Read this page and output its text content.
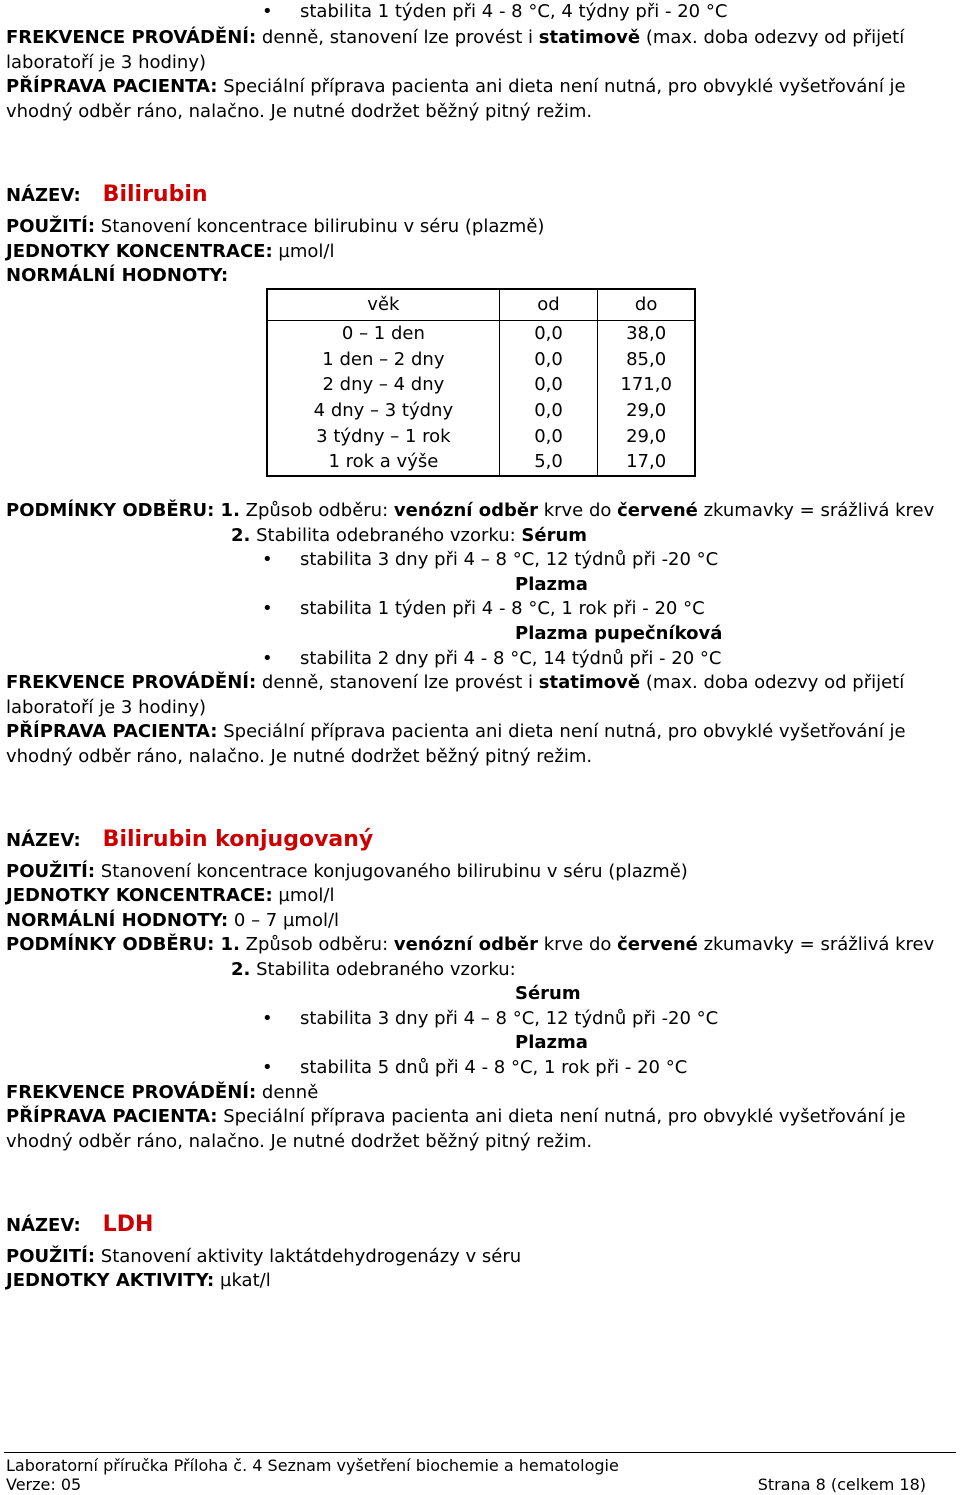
• stabilita 1 týden při 4 - 8 °C, 4 týdny při - 20 °C
FREKVENCE PROVÁDĚNÍ: denně, stanovení lze provést i statimově (max. doba odezvy od přijetí
laboratoří je 3 hodiny)
PŘÍPRAVA PACIENTA: Speciální příprava pacienta ani dieta není nutná, pro obvyklé vyšetřování je
vhodný odběr ráno, nalačno. Je nutné dodržet běžný pitný režim.
NÁZEV: Bilirubin
POUŽITÍ: Stanovení koncentrace bilirubinu v séru (plazmě)
JEDNOTKY KONCENTRACE: µmol/l
NORMÁLNÍ HODNOTY:
věk	od	do
0 – 1 den	0,0	38,0
1 den – 2 dny	0,0	85,0
2 dny – 4 dny	0,0	171,0
4 dny – 3 týdny	0,0	29,0
3 týdny – 1 rok	0,0	29,0
1 rok a výše	5,0	17,0
PODMÍNKY ODBĚRU: 1. Způsob odběru: venózní odběr krve do červené zkumavky = srážlivá krev
2. Stabilita odebraného vzorku: Sérum
• stabilita 3 dny při 4 – 8 °C, 12 týdnů při -20 °C
Plazma
• stabilita 1 týden při 4 - 8 °C, 1 rok při - 20 °C
Plazma pupečníková
• stabilita 2 dny při 4 - 8 °C, 14 týdnů při - 20 °C
FREKVENCE PROVÁDĚNÍ: denně, stanovení lze provést i statimově (max. doba odezvy od přijetí
laboratoří je 3 hodiny)
PŘÍPRAVA PACIENTA: Speciální příprava pacienta ani dieta není nutná, pro obvyklé vyšetřování je
vhodný odběr ráno, nalačno. Je nutné dodržet běžný pitný režim.
NÁZEV: Bilirubin konjugovaný
POUŽITÍ: Stanovení koncentrace konjugovaného bilirubinu v séru (plazmě)
JEDNOTKY KONCENTRACE: µmol/l
NORMÁLNÍ HODNOTY: 0 – 7 µmol/l
PODMÍNKY ODBĚRU: 1. Způsob odběru: venózní odběr krve do červené zkumavky = srážlivá krev
2. Stabilita odebraného vzorku:
Sérum
• stabilita 3 dny při 4 – 8 °C, 12 týdnů při -20 °C
Plazma
• stabilita 5 dnů při 4 - 8 °C, 1 rok při - 20 °C
FREKVENCE PROVÁDĚNÍ: denně
PŘÍPRAVA PACIENTA: Speciální příprava pacienta ani dieta není nutná, pro obvyklé vyšetřování je
vhodný odběr ráno, nalačno. Je nutné dodržet běžný pitný režim.
NÁZEV: LDH
POUŽITÍ: Stanovení aktivity laktátdehydrogenázy v séru
JEDNOTKY AKTIVITY: µkat/l
Laboratorní příručka Příloha č. 4 Seznam vyšetření biochemie a hematologie
Verze: 05	Strana 8 (celkem 18)
